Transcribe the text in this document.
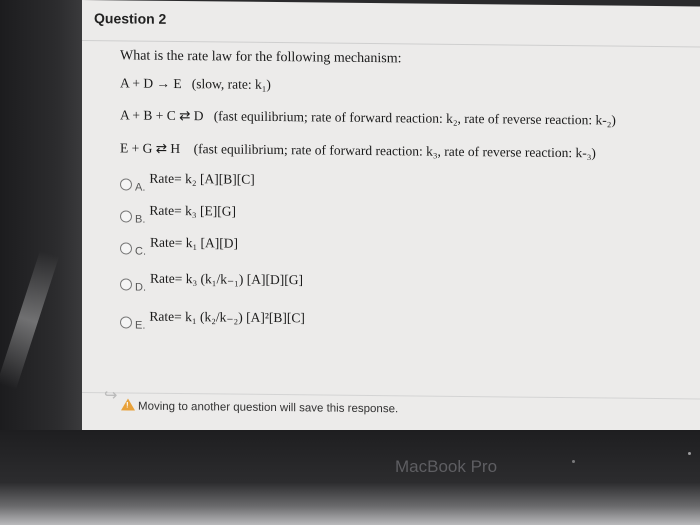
Question 2
What is the rate law for the following mechanism:
A + D → E (slow, rate: k₁)
A + B + C ⇄ D (fast equilibrium; rate of forward reaction: k₂, rate of reverse reaction: k-₂)
E + G ⇄ H (fast equilibrium; rate of forward reaction: k₃, rate of reverse reaction: k-₃)
A.
Rate= k₂ [A][B][C]
B.
Rate= k₃ [E][G]
C.
Rate= k₁ [A][D]
D.
Rate= k₃ (k₁/k₋₁) [A][D][G]
E.
Rate= k₁ (k₂/k₋₂) [A]²[B][C]
↪
! Moving to another question will save this response.
MacBook Pro
